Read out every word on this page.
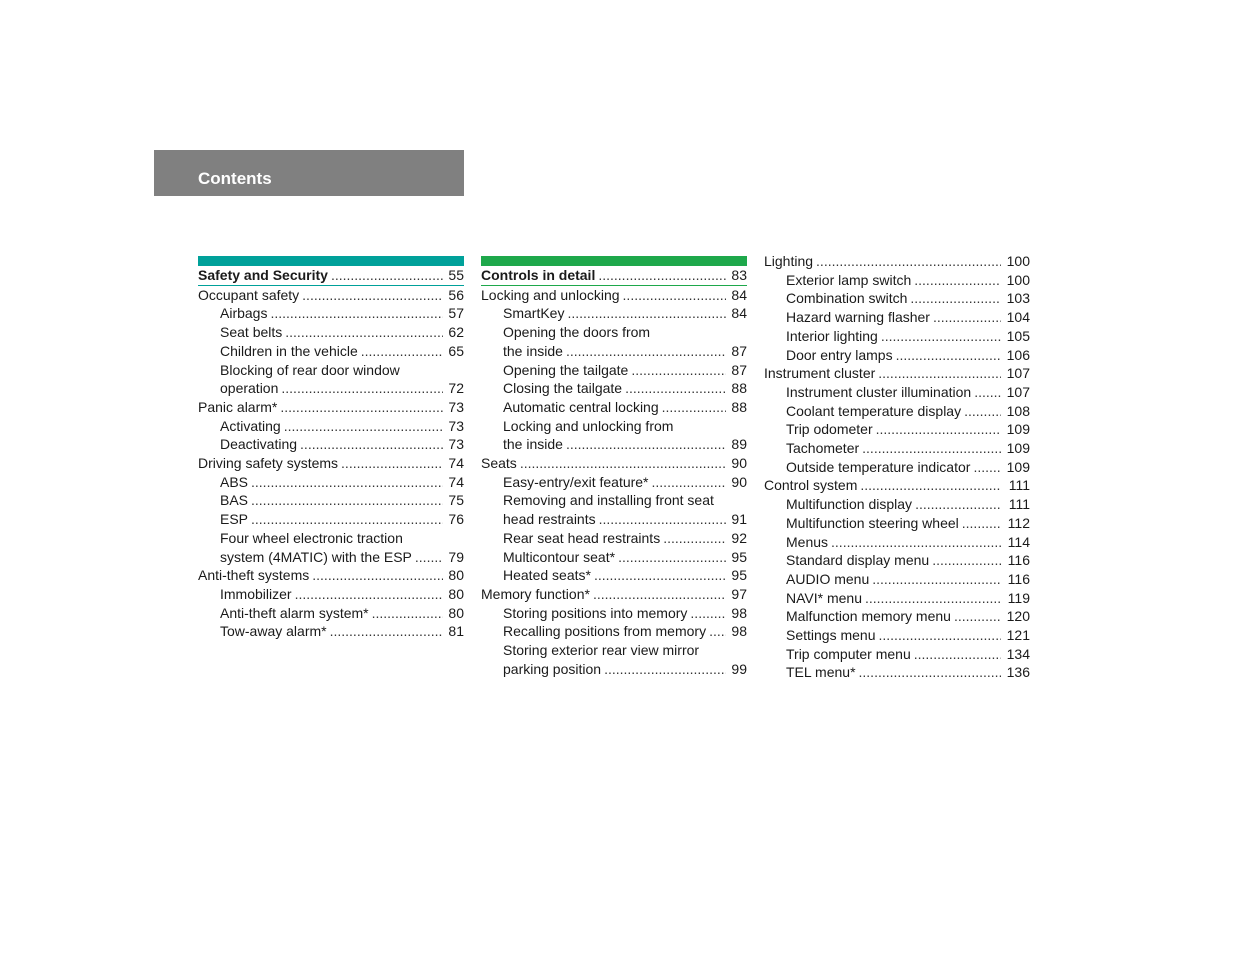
Contents
Safety and Security .....	55
Occupant safety .....	56
Airbags .....	57
Seat belts .....	62
Children in the vehicle .....	65
Blocking of rear door window
operation .....	72
Panic alarm* .....	73
Activating .....	73
Deactivating .....	73
Driving safety systems .....	74
ABS .....	74
BAS .....	75
ESP .....	76
Four wheel electronic traction
system (4MATIC) with the ESP .....	79
Anti-theft systems .....	80
Immobilizer .....	80
Anti-theft alarm system* .....	80
Tow-away alarm* .....	81
Controls in detail .....	83
Locking and unlocking .....	84
SmartKey .....	84
Opening the doors from
the inside .....	87
Opening the tailgate .....	87
Closing the tailgate .....	88
Automatic central locking .....	88
Locking and unlocking from
the inside .....	89
Seats .....	90
Easy-entry/exit feature* .....	90
Removing and installing front seat
head restraints .....	91
Rear seat head restraints .....	92
Multicontour seat* .....	95
Heated seats* .....	95
Memory function* .....	97
Storing positions into memory .....	98
Recalling positions from memory ..... 98
Storing exterior rear view mirror
parking position .....	99
Lighting .....	100
Exterior lamp switch .....	100
Combination switch .....	103
Hazard warning flasher .....	104
Interior lighting .....	105
Door entry lamps .....	106
Instrument cluster .....	107
Instrument cluster illumination .....	107
Coolant temperature display .....	108
Trip odometer .....	109
Tachometer .....	109
Outside temperature indicator .....	109
Control system .....	111
Multifunction display .....	111
Multifunction steering wheel .....	112
Menus .....	114
Standard display menu .....	116
AUDIO menu .....	116
NAVI* menu .....	119
Malfunction memory menu .....	120
Settings menu .....	121
Trip computer menu .....	134
TEL menu* .....	136
